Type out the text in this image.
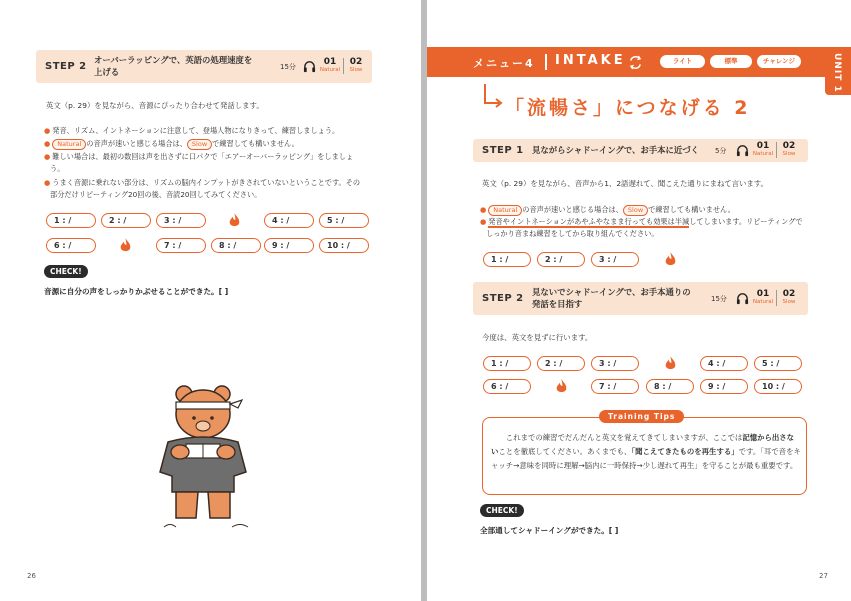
STEP 2
オーバーラッピングで、英語の処理速度を
上げる	15分	01
Natural
02
Slow
英文（p. 29）を見ながら、音源にぴったり合わせて発話します。
● 発音、リズム、イントネーションに注意して、登場人物になりきって、練習しましょう。
● Natural の音声が速いと感じる場合は、 Slow で練習しても構いません。
● 難しい場合は、最初の数回は声を出さずに口パクで「エアーオーバーラッピング」をしましょ
う。
● うまく音源に乗れない部分は、リズムの脳内インプットがきされていないということです。その
部分だけリピーティング20回の後、音読20回してみてください。
1 : /	2 : /	3 : /	4 : /	5 : /
6 : /	7 : /	8 : /	9 : /	10 : /
CHECK!
音源に自分の声をしっかりかぶせることができた。[ ]
26
メニュー4 INTAKE	ライト	標準	チャレンジ	UNIT 1
「流暢さ」につなげる 2
STEP 1 見ながらシャドーイングで、お手本に近づく 5分	01
Natural
02
Slow
英文（p. 29）を見ながら、音声から1、2語遅れて、聞こえた通りにまねて言います。
● Natural の音声が速いと感じる場合は、 Slow で練習しても構いません。
● 発音やイントネーションがあやふやなまま行っても効果は半減してしまいます。リピーティングで
しっかり音まね練習をしてから取り組んでください。
1 : /	2 : /	3 : /
STEP 2
見ないでシャドーイングで、お手本通りの
発話を目指す	15分	01
Natural
02
Slow
今度は、英文を見ずに行います。
1 : /	2 : /	3 : /	4 : /	5 : /
6 : /	7 : /	8 : /	9 : /	10 : /
Training Tips
これまでの練習でだんだんと英文を覚えてきてしまいますが、ここでは記憶から出さないことを徹底してください。あくまでも、「聞こえてきたものを再生する」です。「耳で音をキャッチ→意味を同時に理解→脳内に一時保持→少し遅れて再生」を守ることが最も重要です。
CHECK!
全部通してシャドーイングができた。[ ]
27
